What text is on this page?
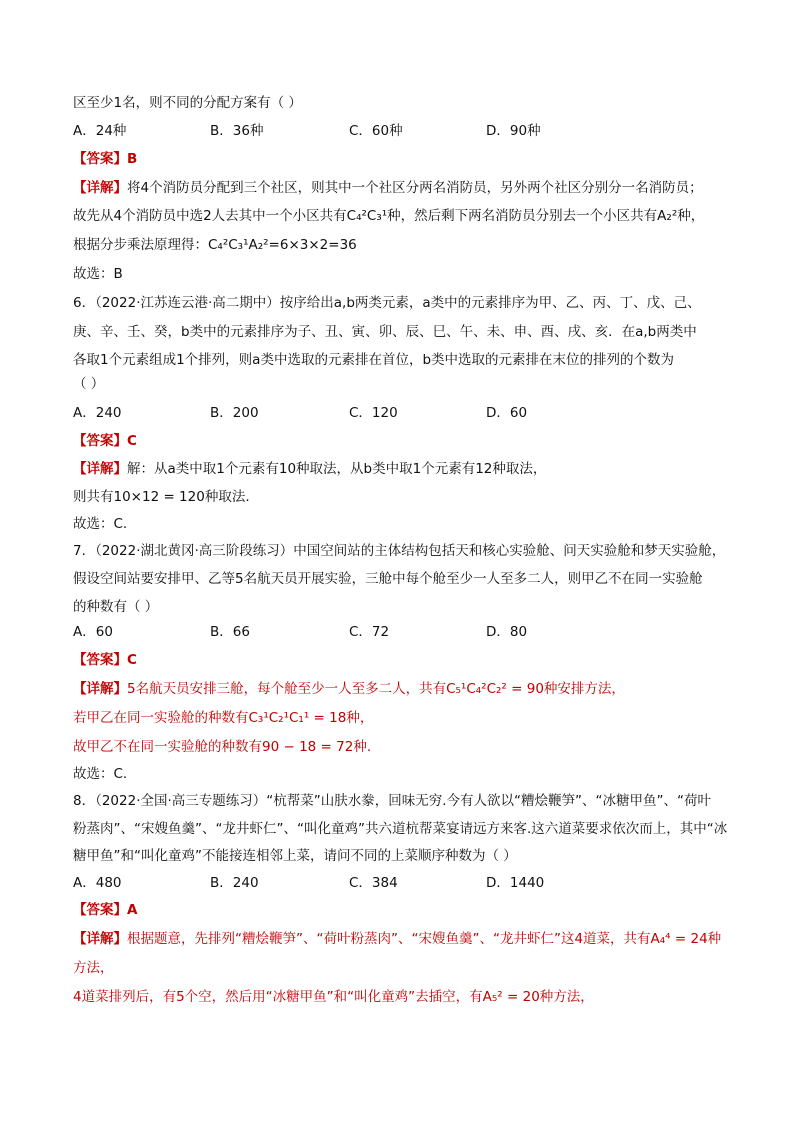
区至少1名，则不同的分配方案有（ ）
A．24种	B．36种	C．60种	D．90种
【答案】B
【详解】将4个消防员分配到三个社区，则其中一个社区分两名消防员，另外两个社区分别分一名消防员；
故先从4个消防员中选2人去其中一个小区共有C₄²C₃¹种，然后剩下两名消防员分别去一个小区共有A₂²种，
根据分步乘法原理得：C₄²C₃¹A₂²=6×3×2=36
故选：B
6．（2022·江苏连云港·高二期中）按序给出a,b两类元素，a类中的元素排序为甲、乙、丙、丁、戊、己、
庚、辛、壬、癸，b类中的元素排序为子、丑、寅、卯、辰、巳、午、未、申、酉、戌、亥．在a,b两类中
各取1个元素组成1个排列，则a类中选取的元素排在首位，b类中选取的元素排在末位的排列的个数为
（ ）
A．240	B．200	C．120	D．60
【答案】C
【详解】解：从a类中取1个元素有10种取法，从b类中取1个元素有12种取法，
则共有10×12 = 120种取法.
故选：C.
7．（2022·湖北黄冈·高三阶段练习）中国空间站的主体结构包括天和核心实验舱、问天实验舱和梦天实验舱，
假设空间站要安排甲、乙等5名航天员开展实验，三舱中每个舱至少一人至多二人，则甲乙不在同一实验舱
的种数有（ ）
A．60	B．66	C．72	D．80
【答案】C
【详解】5名航天员安排三舱，每个舱至少一人至多二人，共有C₅¹C₄²C₂² = 90种安排方法，
若甲乙在同一实验舱的种数有C₃¹C₂¹C₁¹ = 18种，
故甲乙不在同一实验舱的种数有90 − 18 = 72种.
故选：C.
8．（2022·全国·高三专题练习）“杭帮菜”山肤水豢，回味无穷.今有人欲以“糟烩鞭笋”、“冰糖甲鱼”、“荷叶
粉蒸肉”、“宋嫂鱼羹”、“龙井虾仁”、“叫化童鸡”共六道杭帮菜宴请远方来客.这六道菜要求依次而上，其中“冰
糖甲鱼”和“叫化童鸡”不能接连相邻上菜，请问不同的上菜顺序种数为（ ）
A．480	B．240	C．384	D．1440
【答案】A
【详解】根据题意，先排列“糟烩鞭笋”、“荷叶粉蒸肉”、“宋嫂鱼羹”、“龙井虾仁”这4道菜，共有A₄⁴ = 24种
方法，
4道菜排列后，有5个空，然后用“冰糖甲鱼”和“叫化童鸡”去插空，有A₅² = 20种方法，
